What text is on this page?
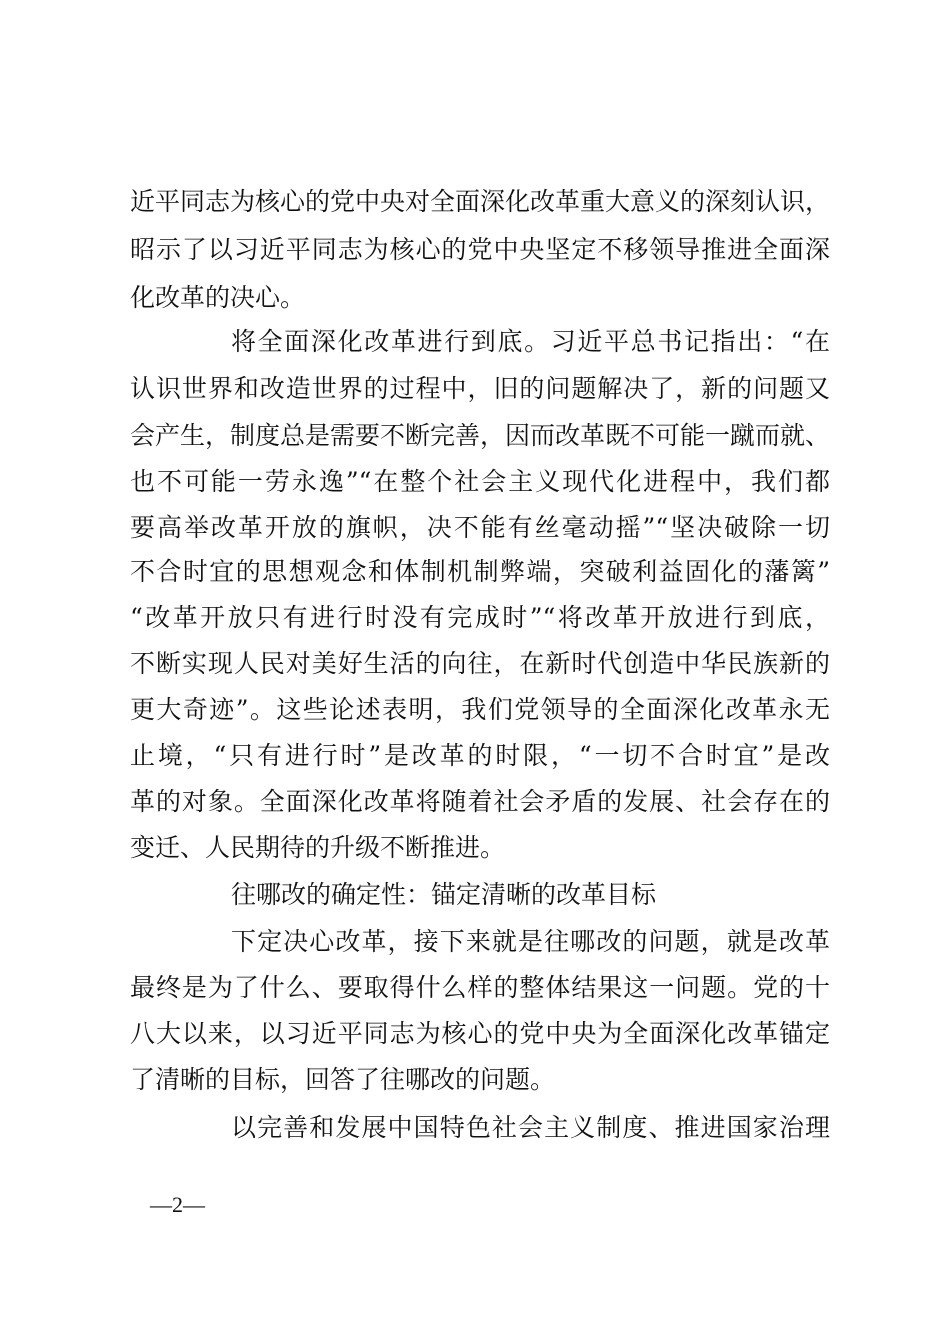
近平同志为核心的党中央对全面深化改革重大意义的深刻认识，
昭示了以习近平同志为核心的党中央坚定不移领导推进全面深
化改革的决心。
将全面深化改革进行到底。习近平总书记指出：“在
认识世界和改造世界的过程中，旧的问题解决了，新的问题又
会产生，制度总是需要不断完善，因而改革既不可能一蹴而就、
也不可能一劳永逸”“在整个社会主义现代化进程中，我们都
要高举改革开放的旗帜，决不能有丝毫动摇”“坚决破除一切
不合时宜的思想观念和体制机制弊端，突破利益固化的藩篱”
“改革开放只有进行时没有完成时”“将改革开放进行到底，
不断实现人民对美好生活的向往，在新时代创造中华民族新的
更大奇迹”。这些论述表明，我们党领导的全面深化改革永无
止境，“只有进行时”是改革的时限，“一切不合时宜”是改
革的对象。全面深化改革将随着社会矛盾的发展、社会存在的
变迁、人民期待的升级不断推进。
往哪改的确定性：锚定清晰的改革目标
下定决心改革，接下来就是往哪改的问题，就是改革
最终是为了什么、要取得什么样的整体结果这一问题。党的十
八大以来，以习近平同志为核心的党中央为全面深化改革锚定
了清晰的目标，回答了往哪改的问题。
以完善和发展中国特色社会主义制度、推进国家治理
—2—
